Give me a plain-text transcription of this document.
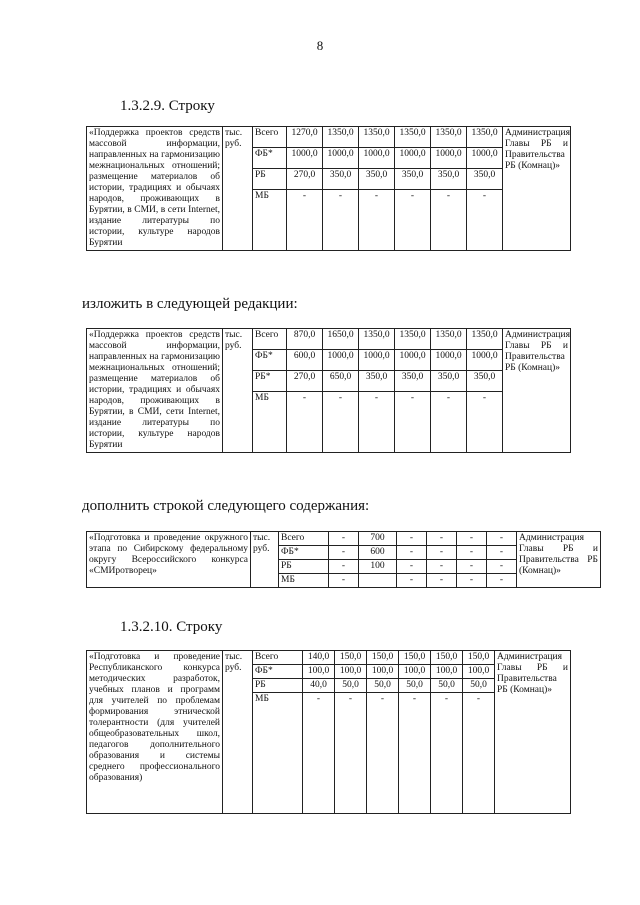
8
1.3.2.9. Строку
«Поддержка проектов средств массовой информации, направленных на гармонизацию межнациональных отношений; размещение материалов об истории, традициях и обычаях народов, проживающих в Бурятии, в СМИ, в сети Internet, издание литературы по истории, культуре народов Бурятии	тыс. руб.	Всего	1270,0	1350,0	1350,0	1350,0	1350,0	1350,0	Администрация Главы РБ и Правительства РБ (Комнац)»
		ФБ*	1000,0	1000,0	1000,0	1000,0	1000,0	1000,0	
		РБ	270,0	350,0	350,0	350,0	350,0	350,0	
		МБ	-	-	-	-	-	-	
изложить в следующей редакции:
«Поддержка проектов средств массовой информации, направленных на гармонизацию межнациональных отношений; размещение материалов об истории, традициях и обычаях народов, проживающих в Бурятии, в СМИ, сети Internet, издание литературы по истории, культуре народов Бурятии	тыс. руб.	Всего	870,0	1650,0	1350,0	1350,0	1350,0	1350,0	Администрация Главы РБ и Правительства РБ (Комнац)»
		ФБ*	600,0	1000,0	1000,0	1000,0	1000,0	1000,0	
		РБ*	270,0	650,0	350,0	350,0	350,0	350,0	
		МБ	-	-	-	-	-	-	
дополнить строкой следующего содержания:
«Подготовка и проведение окружного этапа по Сибирскому федеральному округу Всероссийского конкурса «СМИротворец»	тыс. руб.	Всего	-	700	-	-	-	-	Администрация Главы РБ и Правительства РБ (Комнац)»
		ФБ*	-	600	-	-	-	-	
		РБ	-	100	-	-	-	-	
		МБ	-		-	-	-	-	
1.3.2.10. Строку
«Подготовка и проведение Республиканского конкурса методических разработок, учебных планов и программ для учителей по проблемам формирования этнической толерантности (для учителей общеобразовательных школ, педагогов дополнительного образования и системы среднего профессионального образования)	тыс. руб.	Всего	140,0	150,0	150,0	150,0	150,0	150,0	Администрация Главы РБ и Правительства РБ (Комнац)»
		ФБ*	100,0	100,0	100,0	100,0	100,0	100,0	
		РБ	40,0	50,0	50,0	50,0	50,0	50,0	
		МБ	-	-	-	-	-	-	
